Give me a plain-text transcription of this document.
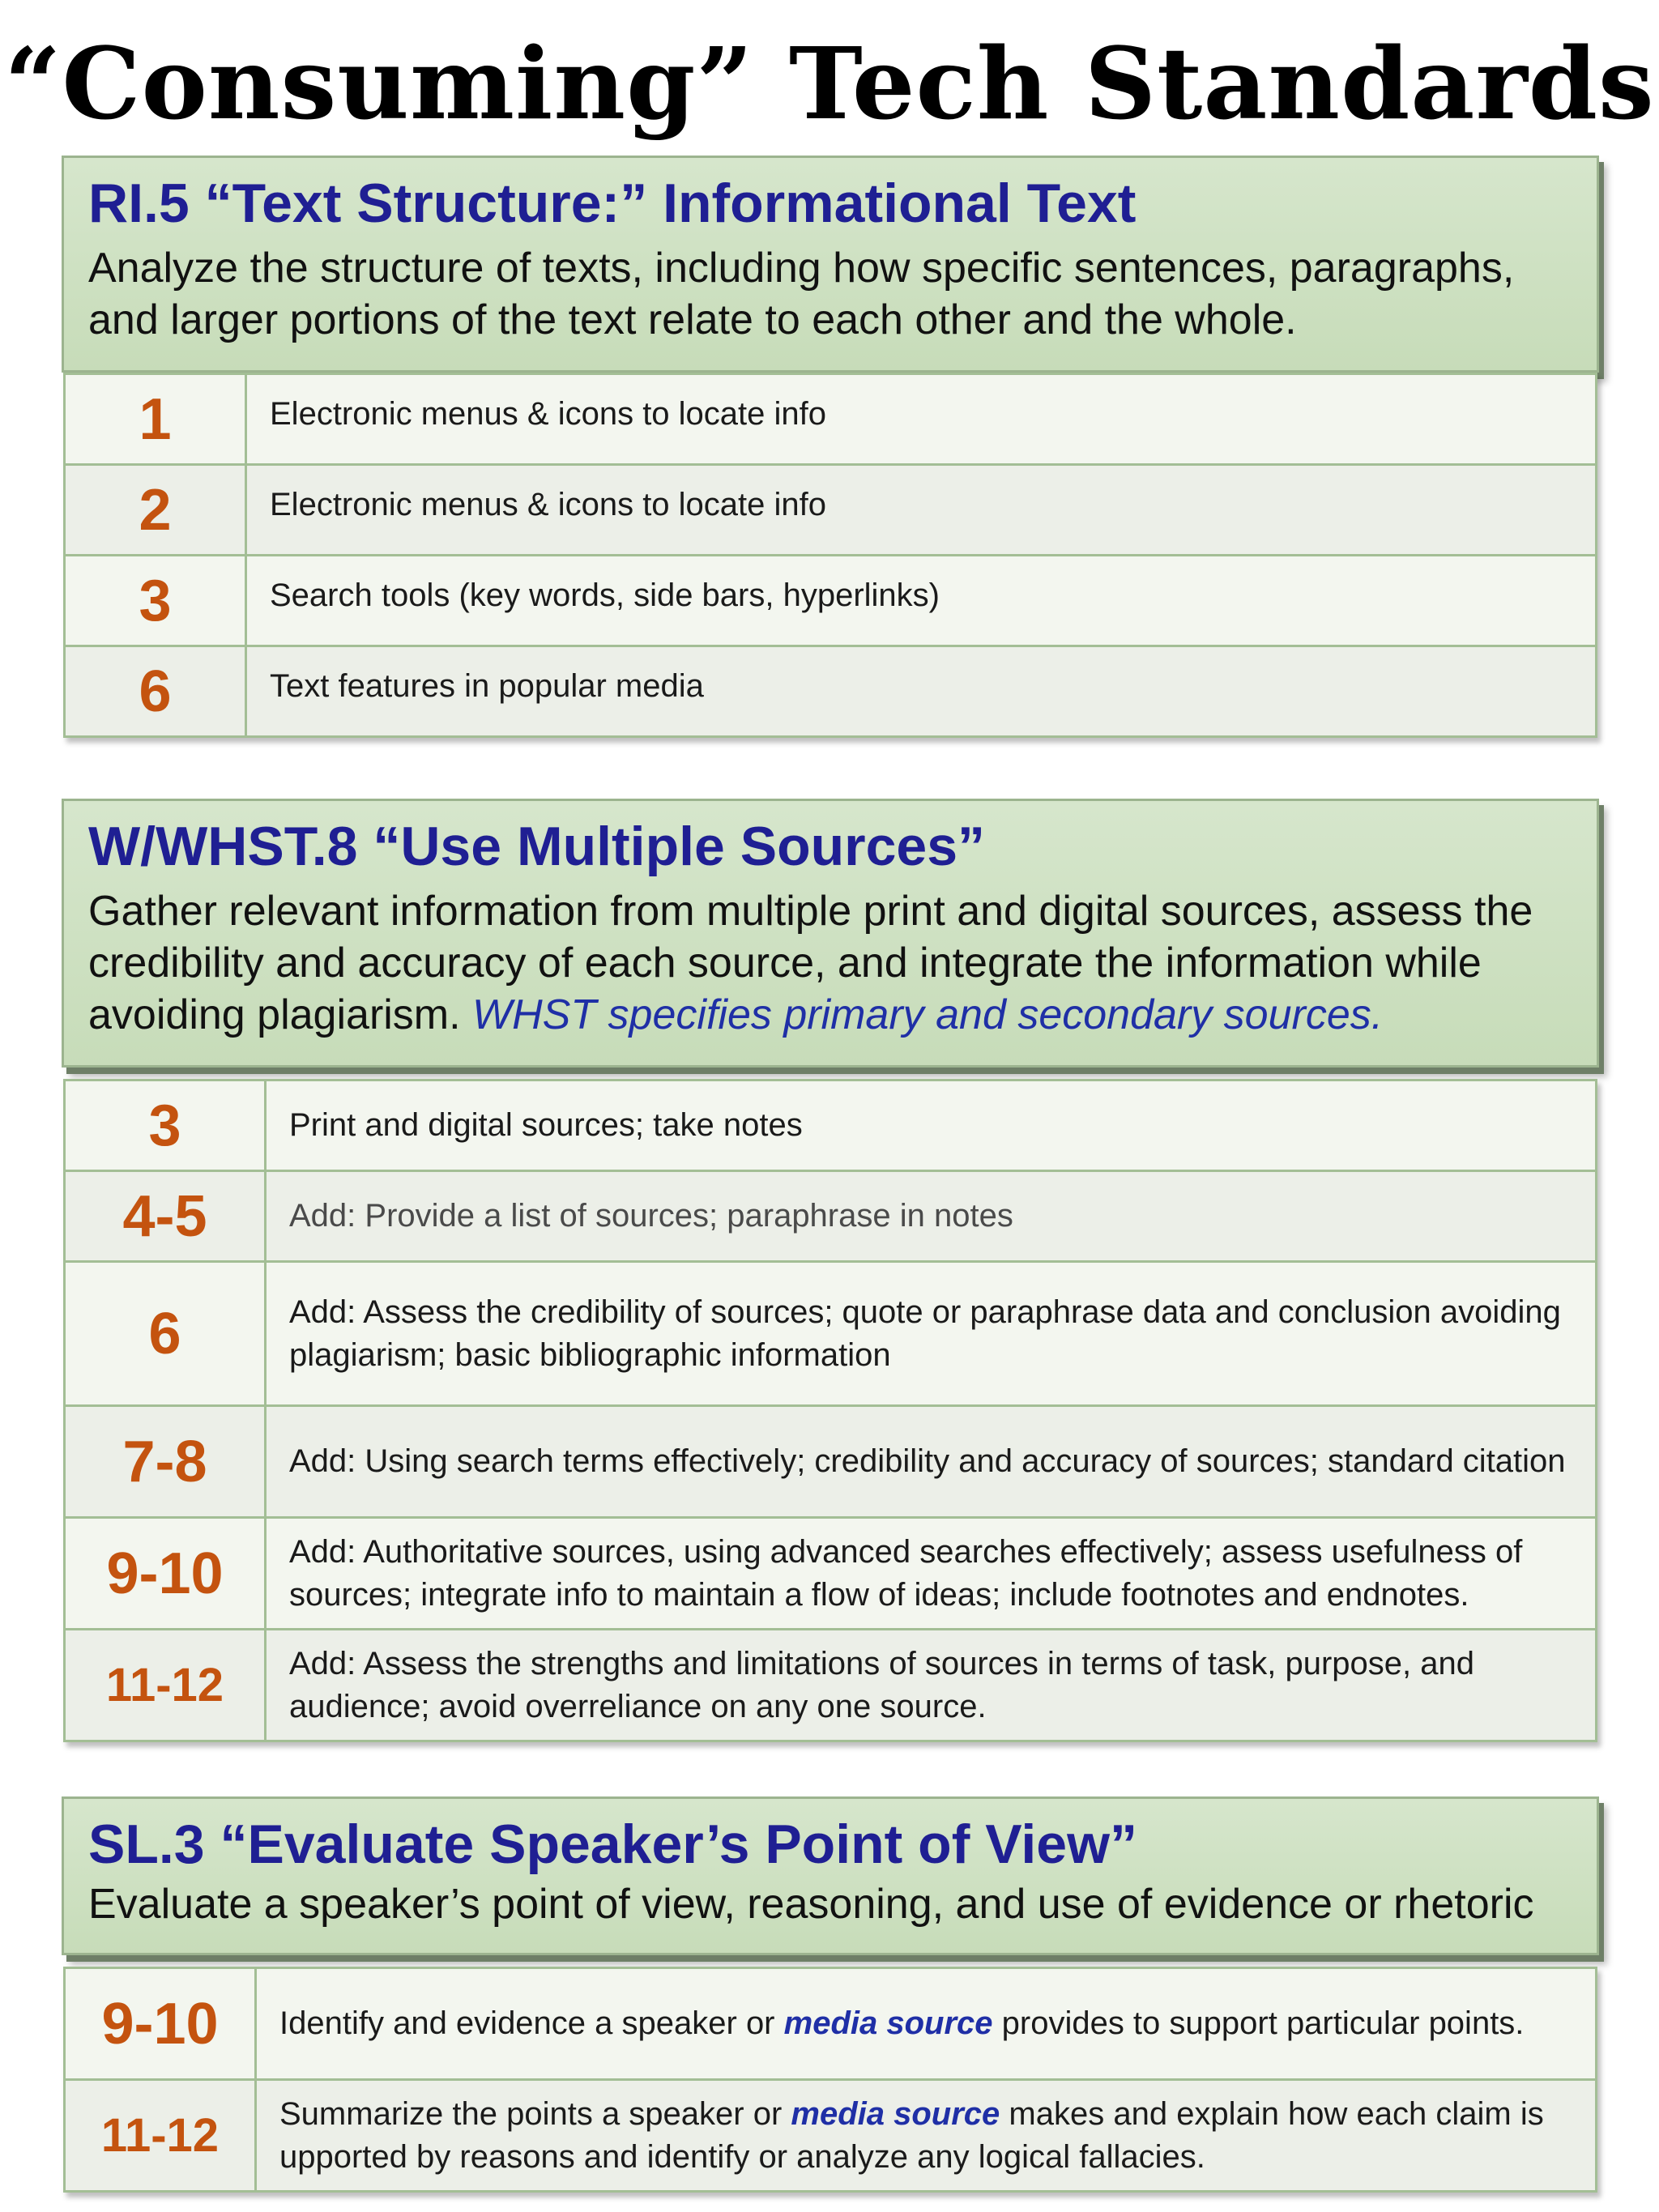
“Consuming” Tech Standards
RI.5 “Text Structure:” Informational Text
Analyze the structure of texts, including how specific sentences, paragraphs, and larger portions of the text relate to each other and the whole.
1	Electronic menus & icons to locate info
2	Electronic menus & icons to locate info
3	Search tools (key words, side bars, hyperlinks)
6	Text features in popular media
W/WHST.8 “Use Multiple Sources”
Gather relevant information from multiple print and digital sources, assess the credibility and accuracy of each source, and integrate the information while avoiding plagiarism. WHST specifies primary and secondary sources.
3	Print and digital sources; take notes
4-5	Add: Provide a list of sources; paraphrase in notes
6	Add: Assess the credibility of sources; quote or paraphrase data and conclusion avoiding plagiarism; basic bibliographic information
7-8	Add: Using search terms effectively; credibility and accuracy of sources; standard citation
9-10	Add: Authoritative sources, using advanced searches effectively; assess usefulness of sources; integrate info to maintain a flow of ideas; include footnotes and endnotes.
11-12	Add: Assess the strengths and limitations of sources in terms of task, purpose, and audience; avoid overreliance on any one source.
SL.3 “Evaluate Speaker’s Point of View”
Evaluate a speaker’s point of view, reasoning, and use of evidence or rhetoric
9-10	Identify and evidence a speaker or media source provides to support particular points.
11-12	Summarize the points a speaker or media source makes and explain how each claim is upported by reasons and identify or analyze any logical fallacies.
